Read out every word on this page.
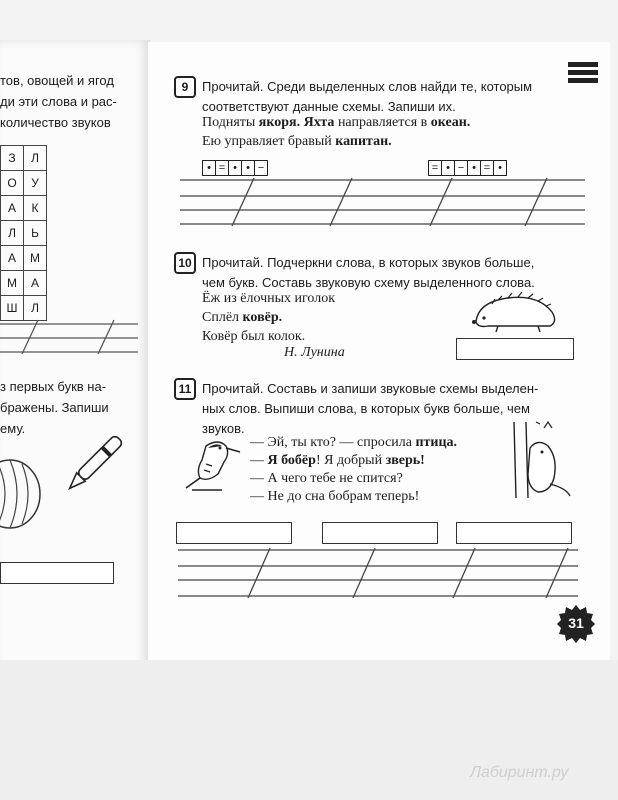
тов, овощей и ягод
ди эти слова и рас-
количество звуков
З	Л
О	У
А	К
Л	Ь
А	М
М	А
Ш	Л
з первых букв на-
бражены. Запиши
ему.
9	Прочитай. Среди выделенных слов найди те, которым
соответствуют данные схемы. Запиши их.
Подняты якоря. Яхта направляется в океан.
Ею управляет бравый капитан.
• = • • −	= • − • = •
10 Прочитай. Подчеркни слова, в которых звуков больше,
чем букв. Составь звуковую схему выделенного слова.
Ёж из ёлочных иголок
Сплёл ковёр.
Ковёр был колок.
Н. Лунина
11 Прочитай. Составь и запиши звуковые схемы выделен-
ных слов. Выпиши слова, в которых букв больше, чем
звуков.
— Эй, ты кто? — спросила птица.
— Я бобёр! Я добрый зверь!
— А чего тебе не спится?
— Не до сна бобрам теперь!
31
Лабиринт.ру
